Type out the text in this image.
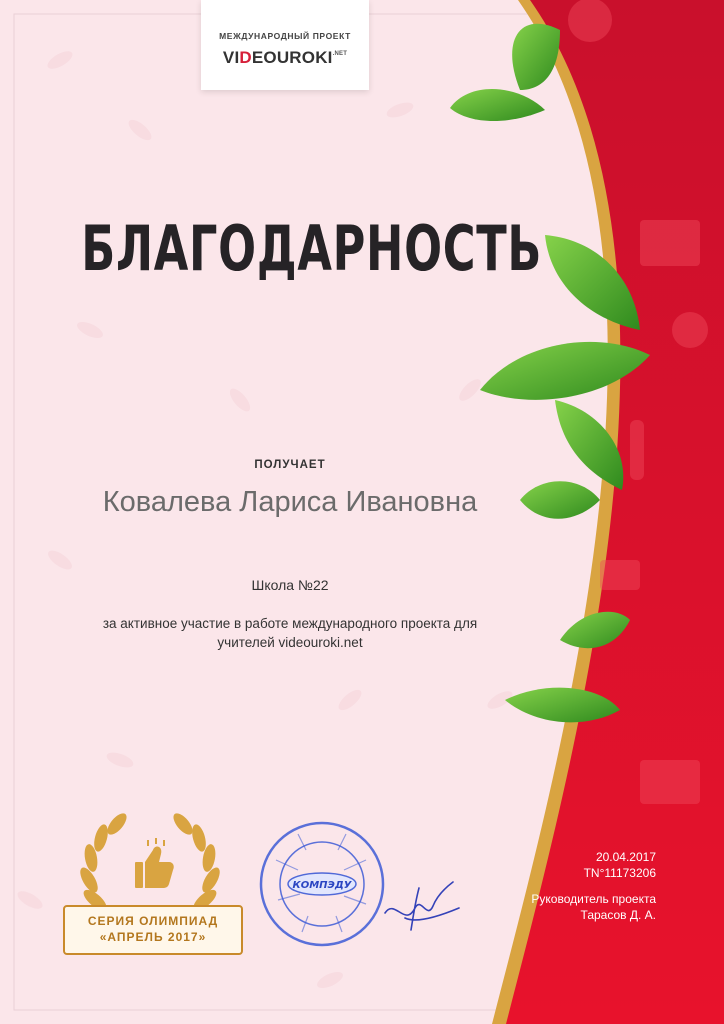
МЕЖДУНАРОДНЫЙ ПРОЕКТ
$VIDEOUROKI^{.NET}$
БЛАГОДАРНОСТЬ
ПОЛУЧАЕТ
Ковалева Лариса Ивановна
Школа №22
за активное участие в работе международного проекта для
учителей videouroki.net
СЕРИЯ ОЛИМПИАД
«АПРЕЛЬ 2017»
КОМПЭДУ
20.04.2017
ТN°11173206
Руководитель проекта
Тарасов Д. А.
